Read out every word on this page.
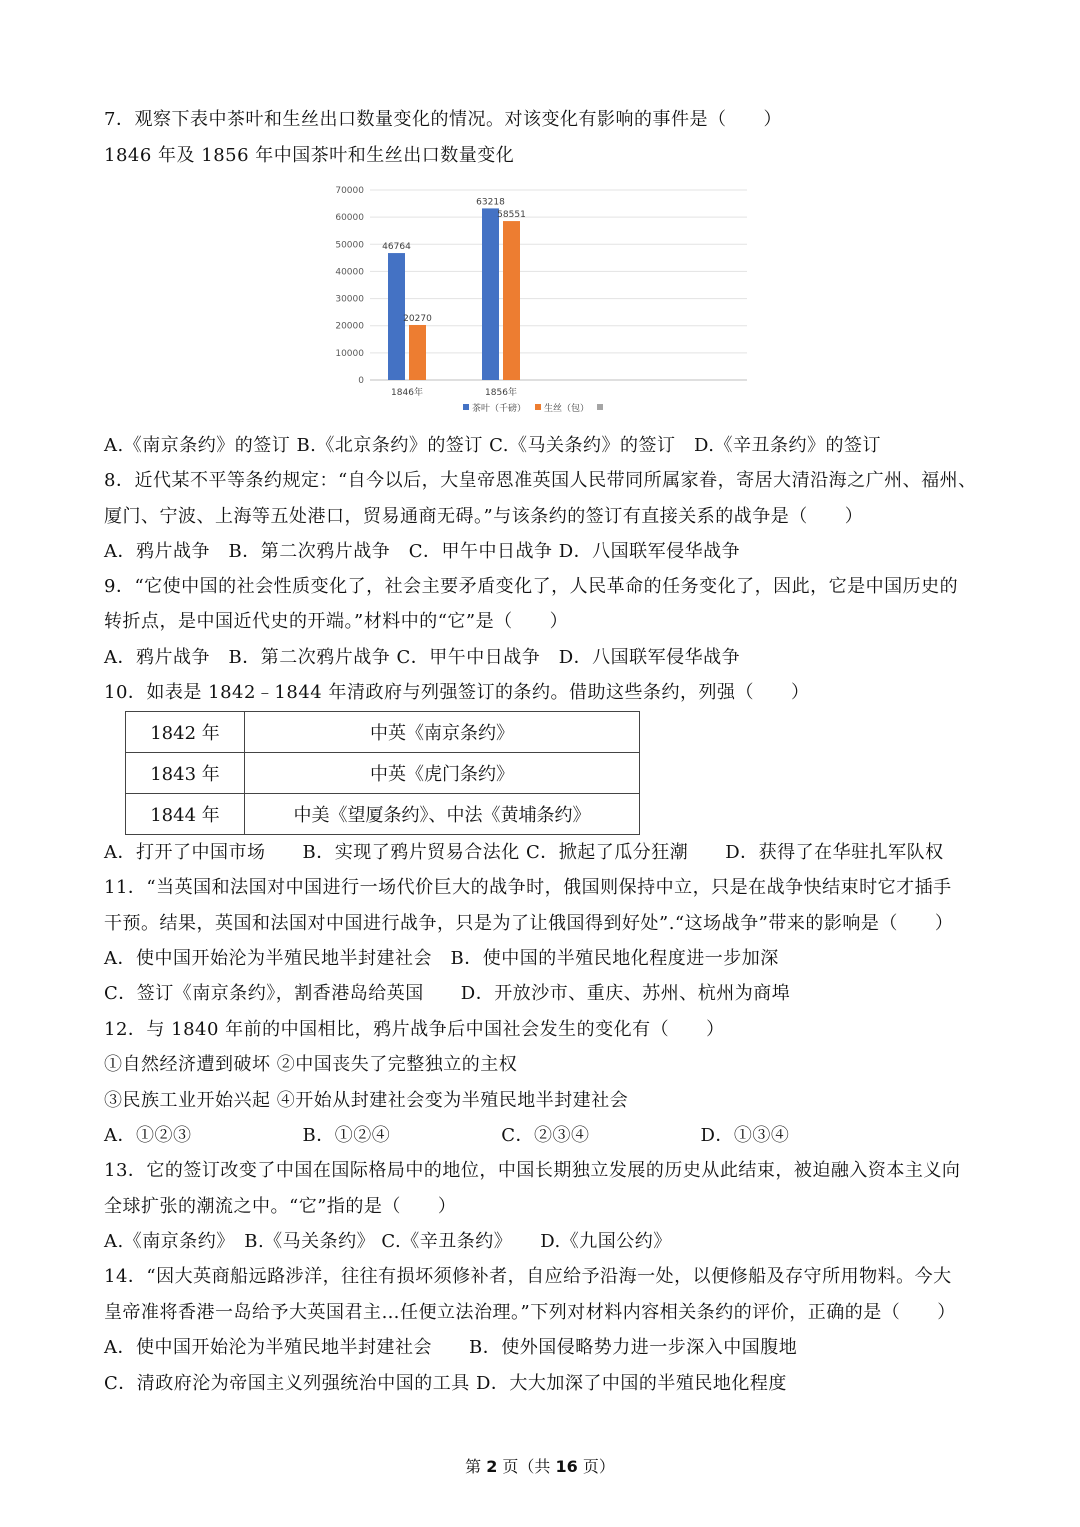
7．观察下表中茶叶和生丝出口数量变化的情况。对该变化有影响的事件是（　　）
1846 年及 1856 年中国茶叶和生丝出口数量变化
0
10000
20000
30000
40000
50000
60000
70000
46764
20270
63218
58551
1846年	1856年
茶叶（千磅） 生丝（包）
A.《南京条约》的签订 B.《北京条约》的签订 C.《马关条约》的签订　D.《辛丑条约》的签订
8．近代某不平等条约规定：“自今以后，大皇帝恩准英国人民带同所属家眷，寄居大清沿海之广州、福州、
厦门、宁波、上海等五处港口，贸易通商无碍。”与该条约的签订有直接关系的战争是（　　）
A．鸦片战争　B．第二次鸦片战争　C．甲午中日战争 D．八国联军侵华战争
9．“它使中国的社会性质变化了，社会主要矛盾变化了，人民革命的任务变化了，因此，它是中国历史的
转折点，是中国近代史的开端。”材料中的“它”是（　　）
A．鸦片战争　B．第二次鸦片战争 C．甲午中日战争　D．八国联军侵华战争
10．如表是 1842﹣1844 年清政府与列强签订的条约。借助这些条约，列强（　　）
1842 年	中英《南京条约》
1843 年	中英《虎门条约》
1844 年	中美《望厦条约》、中法《黄埔条约》
A．打开了中国市场　　B．实现了鸦片贸易合法化 C．掀起了瓜分狂潮　　D．获得了在华驻扎军队权
11．“当英国和法国对中国进行一场代价巨大的战争时，俄国则保持中立，只是在战争快结束时它才插手
干预。结果，英国和法国对中国进行战争，只是为了让俄国得到好处”.“这场战争”带来的影响是（　　）
A．使中国开始沦为半殖民地半封建社会　B．使中国的半殖民地化程度进一步加深
C．签订《南京条约》，割香港岛给英国　　D．开放沙市、重庆、苏州、杭州为商埠
12．与 1840 年前的中国相比，鸦片战争后中国社会发生的变化有（　　）
①自然经济遭到破坏 ②中国丧失了完整独立的主权
③民族工业开始兴起 ④开始从封建社会变为半殖民地半封建社会
A．①②③　　　　　　B．①②④　　　　　　C．②③④　　　　　　D．①③④
13．它的签订改变了中国在国际格局中的地位，中国长期独立发展的历史从此结束，被迫融入资本主义向
全球扩张的潮流之中。“它”指的是（　　）
A.《南京条约》　B.《马关条约》 C.《辛丑条约》　　D.《九国公约》
14．“因大英商船远路涉洋，往往有损坏须修补者，自应给予沿海一处，以便修船及存守所用物料。今大
皇帝准将香港一岛给予大英国君主…任便立法治理。”下列对材料内容相关条约的评价，正确的是（　　）
A．使中国开始沦为半殖民地半封建社会　　B．使外国侵略势力进一步深入中国腹地
C．清政府沦为帝国主义列强统治中国的工具 D．大大加深了中国的半殖民地化程度
第 2 页（共 16 页）
